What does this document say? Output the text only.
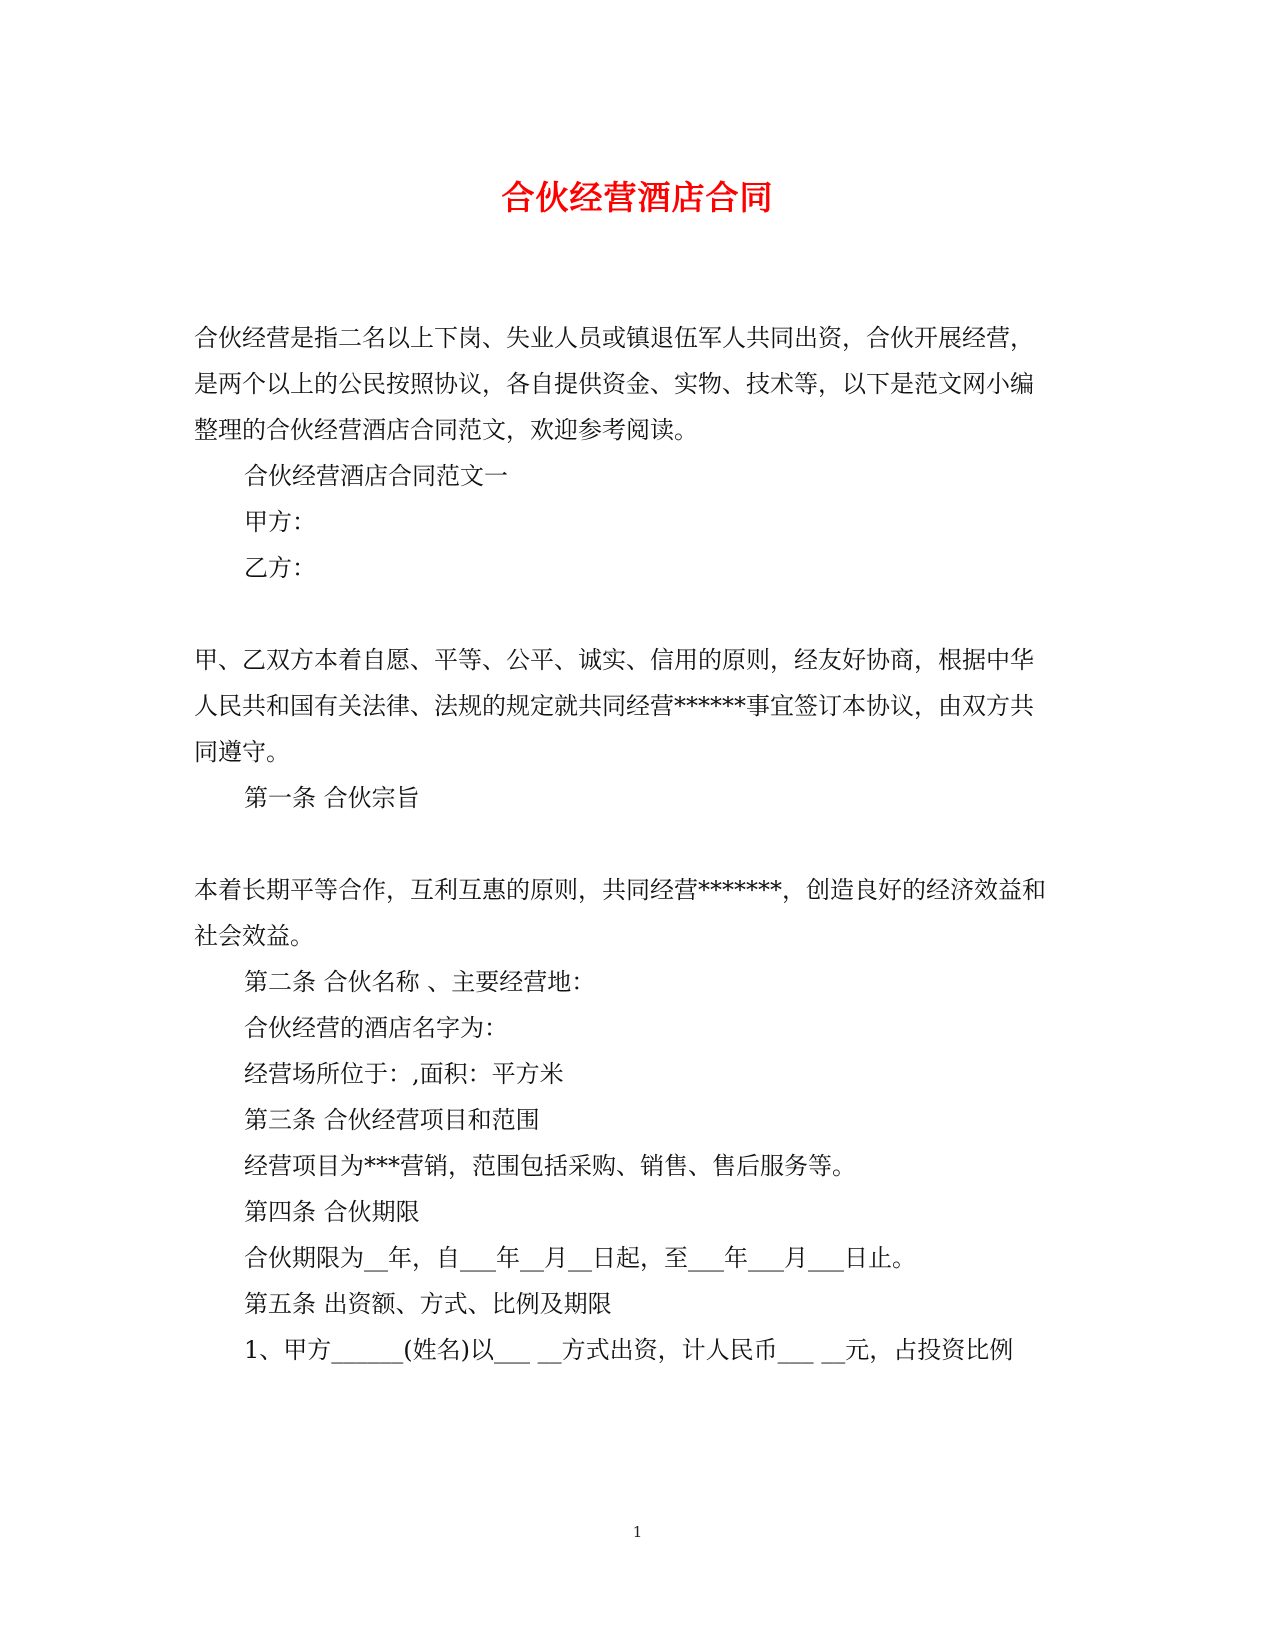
合伙经营酒店合同
合伙经营是指二名以上下岗、失业人员或镇退伍军人共同出资，合伙开展经营，
是两个以上的公民按照协议，各自提供资金、实物、技术等，以下是范文网小编
整理的合伙经营酒店合同范文，欢迎参考阅读。
合伙经营酒店合同范文一
甲方：
乙方：
甲、乙双方本着自愿、平等、公平、诚实、信用的原则，经友好协商，根据中华
人民共和国有关法律、法规的规定就共同经营******事宜签订本协议，由双方共
同遵守。
第一条 合伙宗旨
本着长期平等合作，互利互惠的原则，共同经营*******，创造良好的经济效益和
社会效益。
第二条 合伙名称 、主要经营地：
合伙经营的酒店名字为：
经营场所位于：,面积：平方米
第三条 合伙经营项目和范围
经营项目为***营销，范围包括采购、销售、售后服务等。
第四条 合伙期限
合伙期限为__年，自___年__月__日起，至___年___月___日止。
第五条 出资额、方式、比例及期限
1、甲方______(姓名)以___ __方式出资，计人民币___ __元，占投资比例
1
